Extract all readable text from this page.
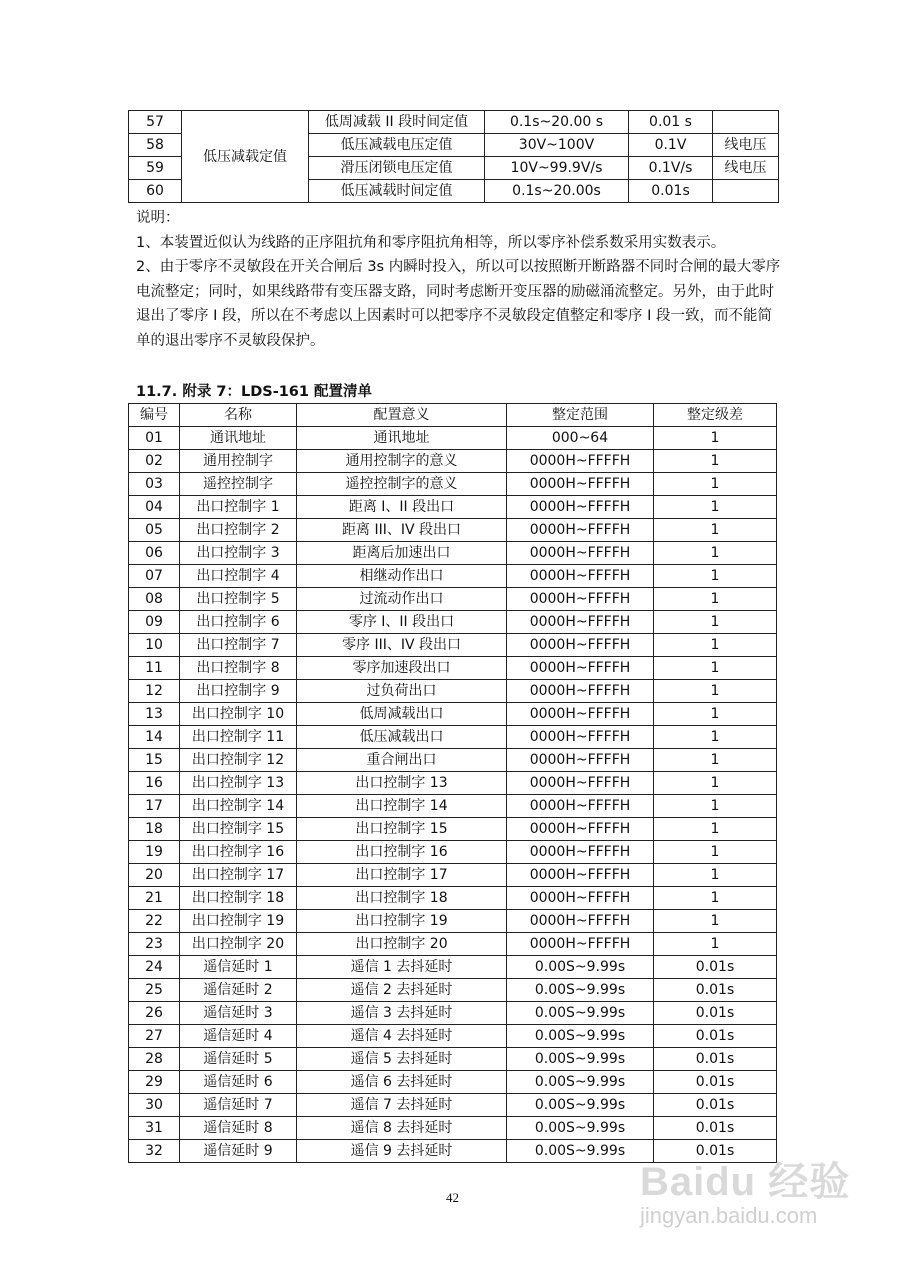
57	低压减载定值	低周减载 II 段时间定值	0.1s~20.00 s	0.01 s	
58		低压减载电压定值	30V~100V	0.1V	线电压
59		滑压闭锁电压定值	10V~99.9V/s	0.1V/s	线电压
60		低压减载时间定值	0.1s~20.00s	0.01s	

说明：

1、本装置近似认为线路的正序阻抗角和零序阻抗角相等，所以零序补偿系数采用实数表示。

2、由于零序不灵敏段在开关合闸后 3s 内瞬时投入，所以可以按照断开断路器不同时合闸的最大零序电流整定；同时，如果线路带有变压器支路，同时考虑断开变压器的励磁涌流整定。另外，由于此时退出了零序 I 段，所以在不考虑以上因素时可以把零序不灵敏段定值整定和零序 I 段一致，而不能简单的退出零序不灵敏段保护。

11.7. 附录 7：LDS-161 配置清单
编号	名称	配置意义	整定范围	整定级差
01	通讯地址	通讯地址	000~64	1
02	通用控制字	通用控制字的意义	0000H~FFFFH	1
03	遥控控制字	遥控控制字的意义	0000H~FFFFH	1
04	出口控制字 1	距离 I、II 段出口	0000H~FFFFH	1
05	出口控制字 2	距离 III、IV 段出口	0000H~FFFFH	1
06	出口控制字 3	距离后加速出口	0000H~FFFFH	1
07	出口控制字 4	相继动作出口	0000H~FFFFH	1
08	出口控制字 5	过流动作出口	0000H~FFFFH	1
09	出口控制字 6	零序 I、II 段出口	0000H~FFFFH	1
10	出口控制字 7	零序 III、IV 段出口	0000H~FFFFH	1
11	出口控制字 8	零序加速段出口	0000H~FFFFH	1
12	出口控制字 9	过负荷出口	0000H~FFFFH	1
13	出口控制字 10	低周减载出口	0000H~FFFFH	1
14	出口控制字 11	低压减载出口	0000H~FFFFH	1
15	出口控制字 12	重合闸出口	0000H~FFFFH	1
16	出口控制字 13	出口控制字 13	0000H~FFFFH	1
17	出口控制字 14	出口控制字 14	0000H~FFFFH	1
18	出口控制字 15	出口控制字 15	0000H~FFFFH	1
19	出口控制字 16	出口控制字 16	0000H~FFFFH	1
20	出口控制字 17	出口控制字 17	0000H~FFFFH	1
21	出口控制字 18	出口控制字 18	0000H~FFFFH	1
22	出口控制字 19	出口控制字 19	0000H~FFFFH	1
23	出口控制字 20	出口控制字 20	0000H~FFFFH	1
24	遥信延时 1	遥信 1 去抖延时	0.00S~9.99s	0.01s
25	遥信延时 2	遥信 2 去抖延时	0.00S~9.99s	0.01s
26	遥信延时 3	遥信 3 去抖延时	0.00S~9.99s	0.01s
27	遥信延时 4	遥信 4 去抖延时	0.00S~9.99s	0.01s
28	遥信延时 5	遥信 5 去抖延时	0.00S~9.99s	0.01s
29	遥信延时 6	遥信 6 去抖延时	0.00S~9.99s	0.01s
30	遥信延时 7	遥信 7 去抖延时	0.00S~9.99s	0.01s
31	遥信延时 8	遥信 8 去抖延时	0.00S~9.99s	0.01s
32	遥信延时 9	遥信 9 去抖延时	0.00S~9.99s	0.01s
42	Baidu 经验
jingyan.baidu.com
